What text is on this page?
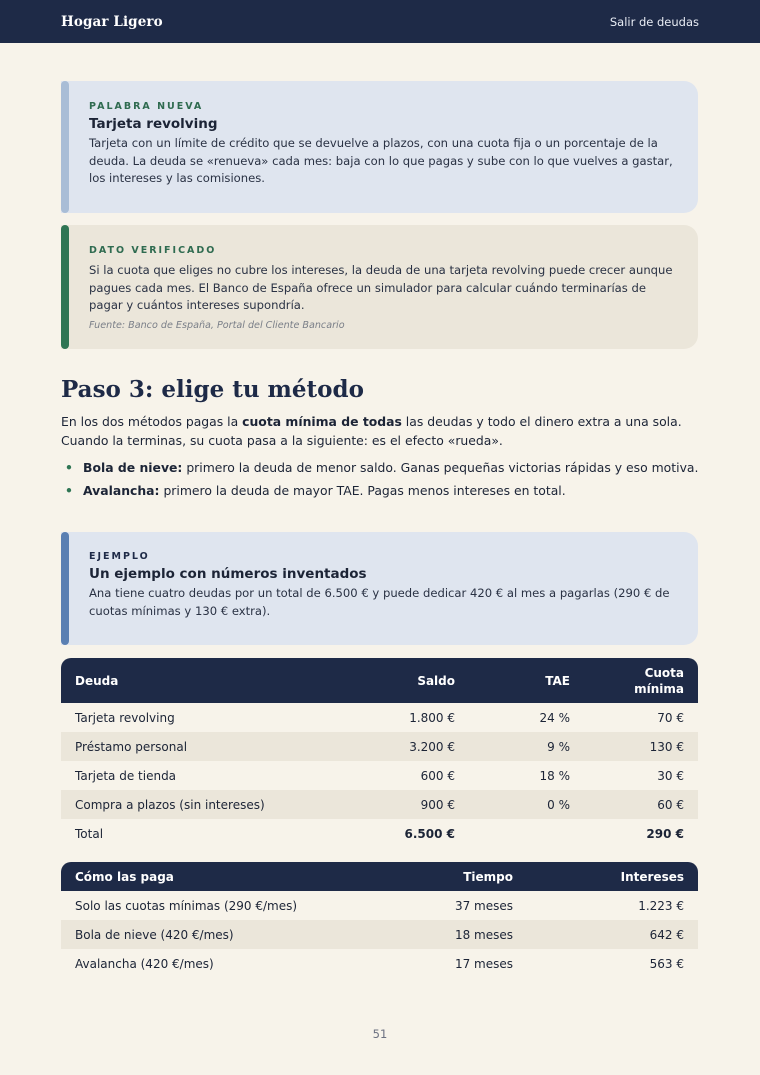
Hogar Ligero	Salir de deudas
PALABRA NUEVA
Tarjeta revolving
Tarjeta con un límite de crédito que se devuelve a plazos, con una cuota fija o un porcentaje de la deuda. La deuda se «renueva» cada mes: baja con lo que pagas y sube con lo que vuelves a gastar, los intereses y las comisiones.
DATO VERIFICADO
Si la cuota que eliges no cubre los intereses, la deuda de una tarjeta revolving puede crecer aunque pagues cada mes. El Banco de España ofrece un simulador para calcular cuándo terminarías de pagar y cuántos intereses supondría.
Fuente: Banco de España, Portal del Cliente Bancario
Paso 3: elige tu método
En los dos métodos pagas la cuota mínima de todas las deudas y todo el dinero extra a una sola. Cuando la terminas, su cuota pasa a la siguiente: es el efecto «rueda».
• Bola de nieve: primero la deuda de menor saldo. Ganas pequeñas victorias rápidas y eso motiva.
• Avalancha: primero la deuda de mayor TAE. Pagas menos intereses en total.
EJEMPLO
Un ejemplo con números inventados
Ana tiene cuatro deudas por un total de 6.500 € y puede dedicar 420 € al mes a pagarlas (290 € de cuotas mínimas y 130 € extra).
Deuda	Saldo	TAE	Cuota mínima
Tarjeta revolving	1.800 €	24 %	70 €
Préstamo personal	3.200 €	9 %	130 €
Tarjeta de tienda	600 €	18 %	30 €
Compra a plazos (sin intereses)	900 €	0 %	60 €
Total	6.500 €		290 €
Cómo las paga	Tiempo	Intereses
Solo las cuotas mínimas (290 €/mes)	37 meses	1.223 €
Bola de nieve (420 €/mes)	18 meses	642 €
Avalancha (420 €/mes)	17 meses	563 €
51
